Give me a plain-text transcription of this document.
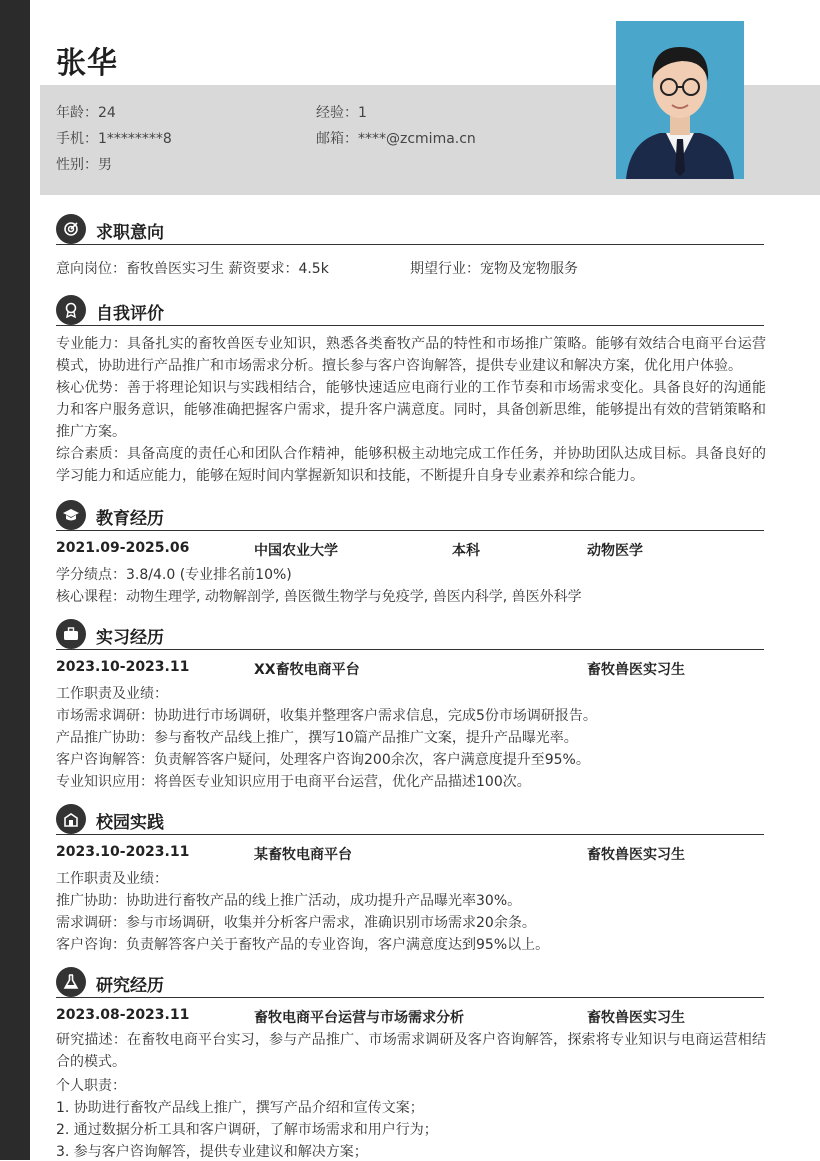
张华
年龄：24	经验：1
手机：1********8	邮箱：****@zcmima.cn
性别：男
求职意向
意向岗位：畜牧兽医实习生 薪资要求：4.5k	期望行业：宠物及宠物服务
自我评价
专业能力：具备扎实的畜牧兽医专业知识，熟悉各类畜牧产品的特性和市场推广策略。能够有效结合电商平台运营模式，协助进行产品推广和市场需求分析。擅长参与客户咨询解答，提供专业建议和解决方案，优化用户体验。
核心优势：善于将理论知识与实践相结合，能够快速适应电商行业的工作节奏和市场需求变化。具备良好的沟通能力和客户服务意识，能够准确把握客户需求，提升客户满意度。同时，具备创新思维，能够提出有效的营销策略和推广方案。
综合素质：具备高度的责任心和团队合作精神，能够积极主动地完成工作任务，并协助团队达成目标。具备良好的学习能力和适应能力，能够在短时间内掌握新知识和技能，不断提升自身专业素养和综合能力。
教育经历
2021.09-2025.06	中国农业大学	本科	动物医学
学分绩点：3.8/4.0 (专业排名前10%)
核心课程：动物生理学, 动物解剖学, 兽医微生物学与免疫学, 兽医内科学, 兽医外科学
实习经历
2023.10-2023.11	XX畜牧电商平台	畜牧兽医实习生
工作职责及业绩：
市场需求调研：协助进行市场调研，收集并整理客户需求信息，完成5份市场调研报告。
产品推广协助：参与畜牧产品线上推广，撰写10篇产品推广文案，提升产品曝光率。
客户咨询解答：负责解答客户疑问，处理客户咨询200余次，客户满意度提升至95%。
专业知识应用：将兽医专业知识应用于电商平台运营，优化产品描述100次。
校园实践
2023.10-2023.11	某畜牧电商平台	畜牧兽医实习生
工作职责及业绩：
推广协助：协助进行畜牧产品的线上推广活动，成功提升产品曝光率30%。
需求调研：参与市场调研，收集并分析客户需求，准确识别市场需求20余条。
客户咨询：负责解答客户关于畜牧产品的专业咨询，客户满意度达到95%以上。
研究经历
2023.08-2023.11	畜牧电商平台运营与市场需求分析	畜牧兽医实习生
研究描述：在畜牧电商平台实习，参与产品推广、市场需求调研及客户咨询解答，探索将专业知识与电商运营相结合的模式。
个人职责：
1. 协助进行畜牧产品线上推广，撰写产品介绍和宣传文案；
2. 通过数据分析工具和客户调研，了解市场需求和用户行为；
3. 参与客户咨询解答，提供专业建议和解决方案；
